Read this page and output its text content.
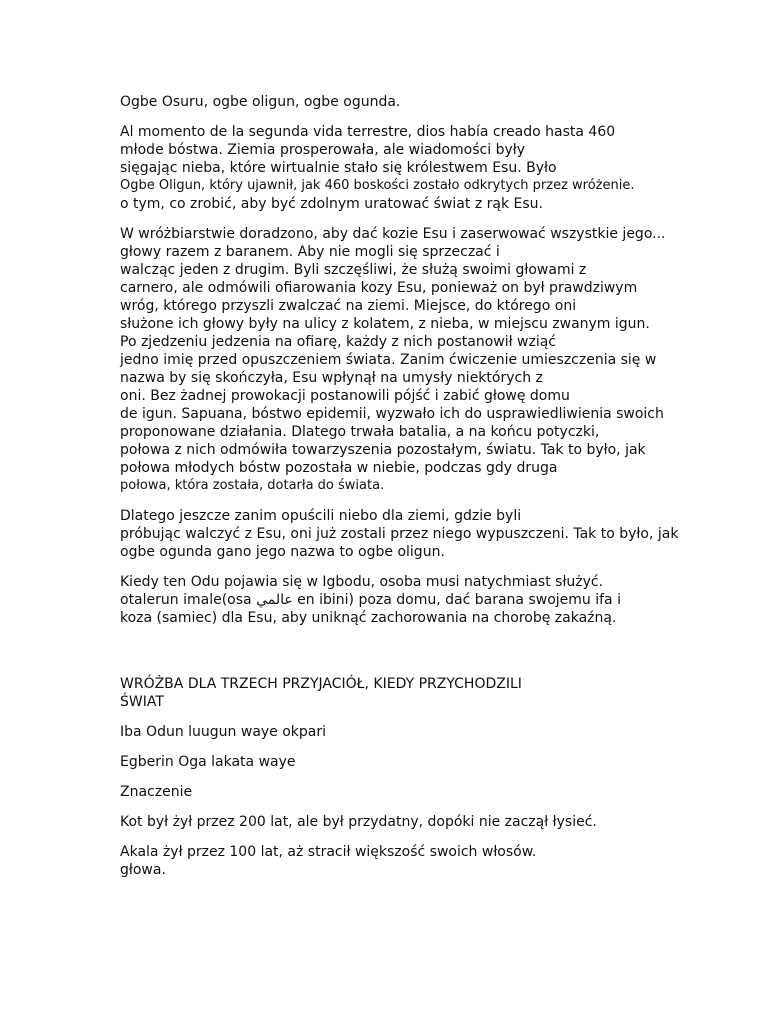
Ogbe Osuru, ogbe oligun, ogbe ogunda.
Al momento de la segunda vida terrestre, dios había creado hasta 460
młode bóstwa. Ziemia prosperowała, ale wiadomości były
sięgając nieba, które wirtualnie stało się królestwem Esu. Było
Ogbe Oligun, który ujawnił, jak 460 boskości zostało odkrytych przez wróżenie.
o tym, co zrobić, aby być zdolnym uratować świat z rąk Esu.
W wróżbiarstwie doradzono, aby dać kozie Esu i zaserwować wszystkie jego...
głowy razem z baranem. Aby nie mogli się sprzeczać i
walcząc jeden z drugim. Byli szczęśliwi, że służą swoimi głowami z
carnero, ale odmówili ofiarowania kozy Esu, ponieważ on był prawdziwym
wróg, którego przyszli zwalczać na ziemi. Miejsce, do którego oni
służone ich głowy były na ulicy z kolatem, z nieba, w miejscu zwanym igun.
Po zjedzeniu jedzenia na ofiarę, każdy z nich postanowił wziąć
jedno imię przed opuszczeniem świata. Zanim ćwiczenie umieszczenia się w
nazwa by się skończyła, Esu wpłynął na umysły niektórych z
oni. Bez żadnej prowokacji postanowili pójść i zabić głowę domu
de igun. Sapuana, bóstwo epidemii, wyzwało ich do usprawiedliwienia swoich
proponowane działania. Dlatego trwała batalia, a na końcu potyczki,
połowa z nich odmówiła towarzyszenia pozostałym, światu. Tak to było, jak
połowa młodych bóstw pozostała w niebie, podczas gdy druga
połowa, która została, dotarła do świata.
Dlatego jeszcze zanim opuścili niebo dla ziemi, gdzie byli
próbując walczyć z Esu, oni już zostali przez niego wypuszczeni. Tak to było, jak
ogbe ogunda gano jego nazwa to ogbe oligun.
Kiedy ten Odu pojawia się w Igbodu, osoba musi natychmiast służyć.
otalerun imale(osa عالمي en ibini) poza domu, dać barana swojemu ifa i
koza (samiec) dla Esu, aby uniknąć zachorowania na chorobę zakaźną.
WRÓŻBA DLA TRZECH PRZYJACIÓŁ, KIEDY PRZYCHODZILI
ŚWIAT
Iba Odun luugun waye okpari
Egberin Oga lakata waye
Znaczenie
Kot był żył przez 200 lat, ale był przydatny, dopóki nie zaczął łysieć.
Akala żył przez 100 lat, aż stracił większość swoich włosów.
głowa.
